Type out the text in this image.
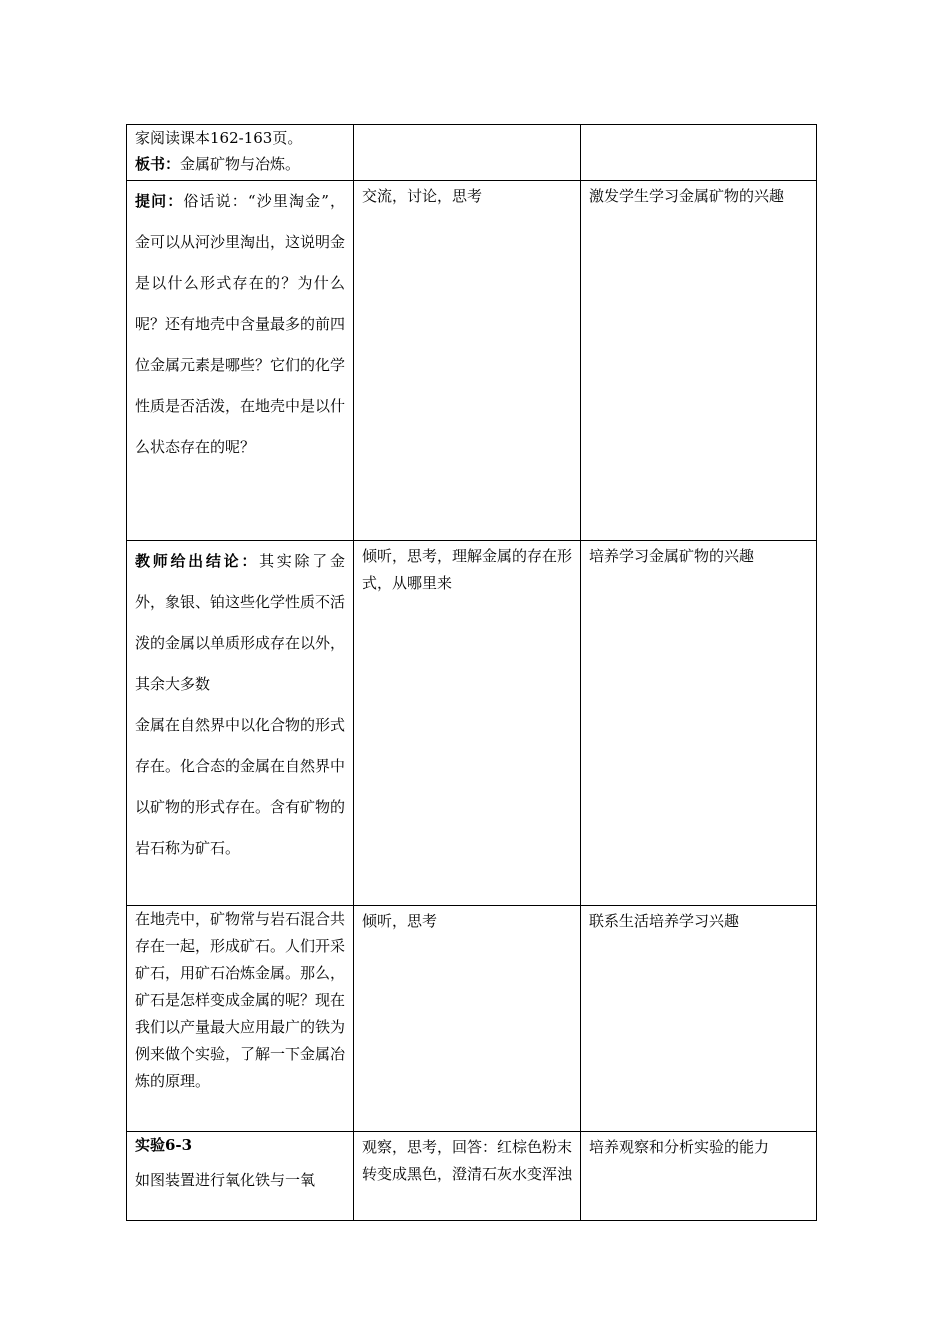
家阅读课本162-163页。

板书：金属矿物与冶炼。		

提问：俗话说：“沙里淘金”，金可以从河沙里淘出，这说明金是以什么形式存在的？为什么呢？还有地壳中含量最多的前四位金属元素是哪些？它们的化学性质是否活泼，在地壳中是以什么状态存在的呢？	交流，讨论，思考	激发学生学习金属矿物的兴趣

教师给出结论：其实除了金外，象银、铂这些化学性质不活泼的金属以单质形成存在以外，其余大多数

金属在自然界中以化合物的形式存在。化合态的金属在自然界中以矿物的形式存在。含有矿物的岩石称为矿石。	倾听，思考，理解金属的存在形式，从哪里来	培养学习金属矿物的兴趣
在地壳中，矿物常与岩石混合共存在一起，形成矿石。人们开采矿石，用矿石冶炼金属。那么，矿石是怎样变成金属的呢？现在我们以产量最大应用最广的铁为例来做个实验，了解一下金属冶炼的原理。	倾听，思考	联系生活培养学习兴趣

实验6-3

如图装置进行氧化铁与一氧	观察，思考，回答：红棕色粉末转变成黑色，澄清石灰水变浑浊	培养观察和分析实验的能力
